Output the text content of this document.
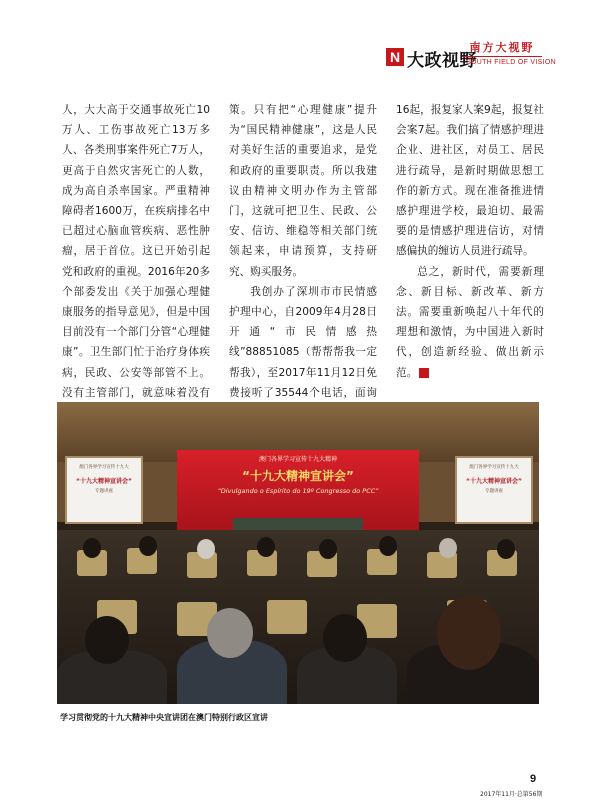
N 大政视野
南方大视野
SOUTH FIELD OF VISION

人，大大高于交通事故死亡10万人、工伤事故死亡13万多人、各类刑事案件死亡7万人，更高于自然灾害死亡的人数，成为高自杀率国家。严重精神障碍者1600万，在疾病排名中已超过心脑血管疾病、恶性肿瘤，居于首位。这已开始引起党和政府的重视。2016年20多个部委发出《关于加强心理健康服务的指导意见》，但是中国目前没有一个部门分管“心理健康”。卫生部门忙于治疗身体疾病，民政、公安等部管不上。没有主管部门，就意味着没有

策。只有把“心理健康”提升为“国民精神健康”，这是人民对美好生活的重要追求，是党和政府的重要职责。所以我建议由精神文明办作为主管部门，这就可把卫生、民政、公安、信访、维稳等相关部门统领起来，申请预算，支持研究、购买服务。

我创办了深圳市市民情感护理中心，自2009年4月28日开通“市民情感热线”88851085（帮帮帮我一定帮我），至2017年11月12日免费接听了35544个电话，面询

16起，报复家人案9起，报复社会案7起。我们搞了情感护理进企业、进社区，对员工、居民进行疏导，是新时期做思想工作的新方式。现在准备推进情感护理进学校，最迫切、最需要的是情感护理进信访，对情感偏执的缠访人员进行疏导。

总之，新时代，需要新理念、新目标、新改革、新方法。需要重新唤起八十年代的理想和激情，为中国进入新时代，创造新经验、做出新示范。	N

澳门各界学习宣传十九大
“十九大精神宣讲会”
专题讲座
澳门各界学习宣传十九大精神
“十九大精神宣讲会”
“Divulgando o Espírito do 19º Congresso do PCC”
澳门各界学习宣传十九大
“十九大精神宣讲会”
专题讲座
学习贯彻党的十九大精神中央宣讲团在澳门特别行政区宣讲
9
2017年11月·总第56期
